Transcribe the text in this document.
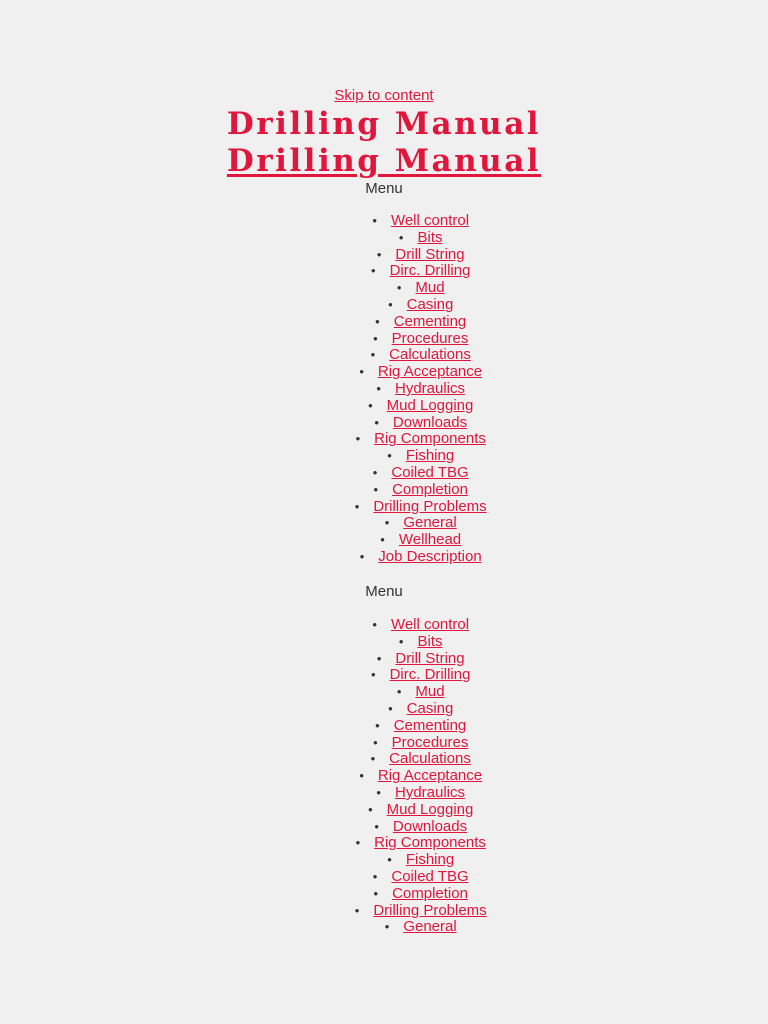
Skip to content
Drilling Manual
Drilling Manual
Menu
• Well control
• Bits
• Drill String
• Dirc. Drilling
• Mud
• Casing
• Cementing
• Procedures
• Calculations
• Rig Acceptance
• Hydraulics
• Mud Logging
• Downloads
• Rig Components
• Fishing
• Coiled TBG
• Completion
• Drilling Problems
• General
• Wellhead
• Job Description
Menu
• Well control
• Bits
• Drill String
• Dirc. Drilling
• Mud
• Casing
• Cementing
• Procedures
• Calculations
• Rig Acceptance
• Hydraulics
• Mud Logging
• Downloads
• Rig Components
• Fishing
• Coiled TBG
• Completion
• Drilling Problems
• General
